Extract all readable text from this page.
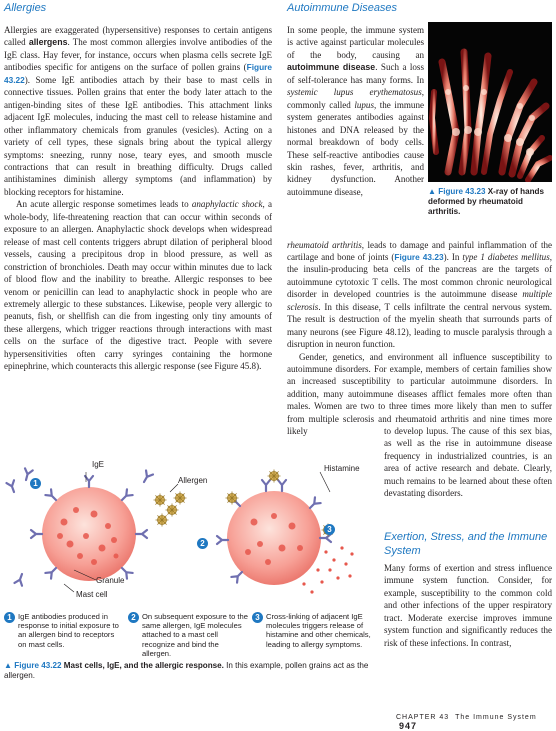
Allergies

Allergies are exaggerated (hypersensitive) responses to certain antigens called allergens. The most common allergies involve antibodies of the IgE class. Hay fever, for instance, occurs when plasma cells secrete IgE antibodies specific for antigens on the surface of pollen grains (Figure 43.22). Some IgE antibodies attach by their base to mast cells in connective tissues. Pollen grains that enter the body later attach to the antigen-binding sites of these IgE antibodies. This attachment links adjacent IgE molecules, inducing the mast cell to release histamine and other inflammatory chemicals from granules (vesicles). Acting on a variety of cell types, these signals bring about the typical allergy symptoms: sneezing, runny nose, teary eyes, and smooth muscle contractions that can result in breathing difficulty. Drugs called antihistamines diminish allergy symptoms (and inflammation) by blocking receptors for histamine.

An acute allergic response sometimes leads to anaphylactic shock, a whole-body, life-threatening reaction that can occur within seconds of exposure to an allergen. Anaphylactic shock develops when widespread release of mast cell contents triggers abrupt dilation of peripheral blood vessels, causing a precipitous drop in blood pressure, as well as constriction of bronchioles. Death may occur within minutes due to lack of blood flow and the inability to breathe. Allergic responses to bee venom or penicillin can lead to anaphylactic shock in people who are extremely allergic to these substances. Likewise, people very allergic to peanuts, fish, or shellfish can die from ingesting only tiny amounts of these allergens, which trigger reactions through interactions with mast cells on the surface of the digestive tract. People with severe hypersensitivities often carry syringes containing the hormone epinephrine, which counteracts this allergic response (see Figure 45.8).

Autoimmune Diseases

In some people, the immune system is active against particular molecules of the body, causing an autoimmune disease. Such a loss of self-tolerance has many forms. In systemic lupus erythematosus, commonly called lupus, the immune system generates antibodies against histones and DNA released by the normal breakdown of body cells. These self-reactive antibodies cause skin rashes, fever, arthritis, and kidney dysfunction. Another autoimmune disease,	▲ Figure 43.23 X-ray of hands deformed by rheumatoid arthritis.

rheumatoid arthritis, leads to damage and painful inflammation of the cartilage and bone of joints (Figure 43.23). In type 1 diabetes mellitus, the insulin-producing beta cells of the pancreas are the targets of autoimmune cytotoxic T cells. The most common chronic neurological disorder in developed countries is the autoimmune disease multiple sclerosis. In this disease, T cells infiltrate the central nervous system. The result is destruction of the myelin sheath that surrounds parts of many neurons (see Figure 48.12), leading to muscle paralysis through a disruption in neuron function.

Gender, genetics, and environment all influence susceptibility to autoimmune disorders. For example, members of certain families show an increased susceptibility to particular autoimmune disorders. In addition, many autoimmune diseases afflict females more often than males. Women are two to three times more likely than men to suffer from multiple sclerosis and rheumatoid arthritis and nine times more likely	to develop lupus. The cause of this sex bias, as well as the rise in autoimmune disease frequency in industrialized countries, is an area of active research and debate. Clearly, much remains to be learned about these often devastating disorders.

Exertion, Stress, and the Immune System

Many forms of exertion and stress influence immune system function. Consider, for example, susceptibility to the common cold and other infections of the upper respiratory tract. Moderate exercise improves immune system function and significantly reduces the risk of these infections. In contrast,

IgE
Allergen
Histamine
Granule
Mast cell
1
2
3
1 IgE antibodies produced in response to initial exposure to an allergen bind to receptors on mast cells.
2 On subsequent exposure to the same allergen, IgE molecules attached to a mast cell recognize and bind the allergen.
3 Cross-linking of adjacent IgE molecules triggers release of histamine and other chemicals, leading to allergy symptoms.
▲ Figure 43.22 Mast cells, IgE, and the allergic response. In this example, pollen grains act as the allergen.
CHAPTER 43 The Immune System  947
